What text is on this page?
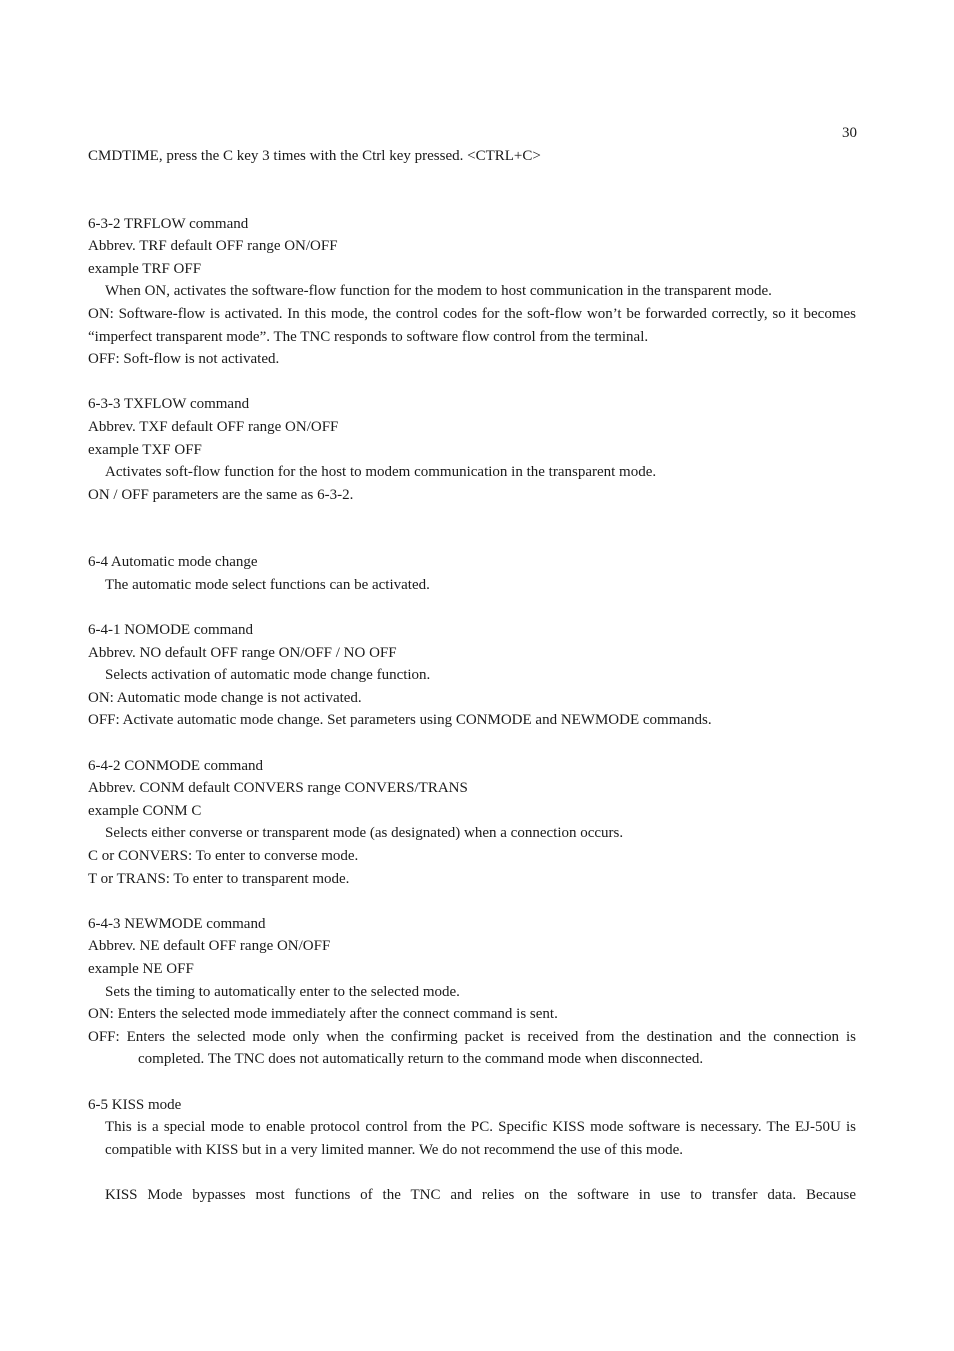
30

CMDTIME, press the C key 3 times with the Ctrl key pressed. <CTRL+C>

6-3-2 TRFLOW command

Abbrev. TRF default OFF range ON/OFF

example TRF OFF

When ON, activates the software-flow function for the modem to host communication in the transparent mode.

ON: Software-flow is activated. In this mode, the control codes for the soft-flow won’t be forwarded correctly, so it becomes “imperfect transparent mode”. The TNC responds to software flow control from the terminal.

OFF: Soft-flow is not activated.

6-3-3 TXFLOW command

Abbrev. TXF default OFF range ON/OFF

example TXF OFF

Activates soft-flow function for the host to modem communication in the transparent mode.

ON / OFF parameters are the same as 6-3-2.

6-4 Automatic mode change

The automatic mode select functions can be activated.

6-4-1 NOMODE command

Abbrev. NO default OFF range ON/OFF / NO OFF

Selects activation of automatic mode change function.

ON: Automatic mode change is not activated.

OFF: Activate automatic mode change. Set parameters using CONMODE and NEWMODE commands.

6-4-2 CONMODE command

Abbrev. CONM default CONVERS range CONVERS/TRANS

example CONM C

Selects either converse or transparent mode (as designated) when a connection occurs.

C or CONVERS: To enter to converse mode.

T or TRANS: To enter to transparent mode.

6-4-3 NEWMODE command

Abbrev. NE default OFF range ON/OFF

example NE OFF

Sets the timing to automatically enter to the selected mode.

ON: Enters the selected mode immediately after the connect command is sent.

OFF: Enters the selected mode only when the confirming packet is received from the destination and the connection is completed. The TNC does not automatically return to the command mode when disconnected.

6-5 KISS mode

This is a special mode to enable protocol control from the PC. Specific KISS mode software is necessary. The EJ-50U is compatible with KISS but in a very limited manner. We do not recommend the use of this mode.

KISS Mode bypasses most functions of the TNC and relies on the software in use to transfer data. Because
